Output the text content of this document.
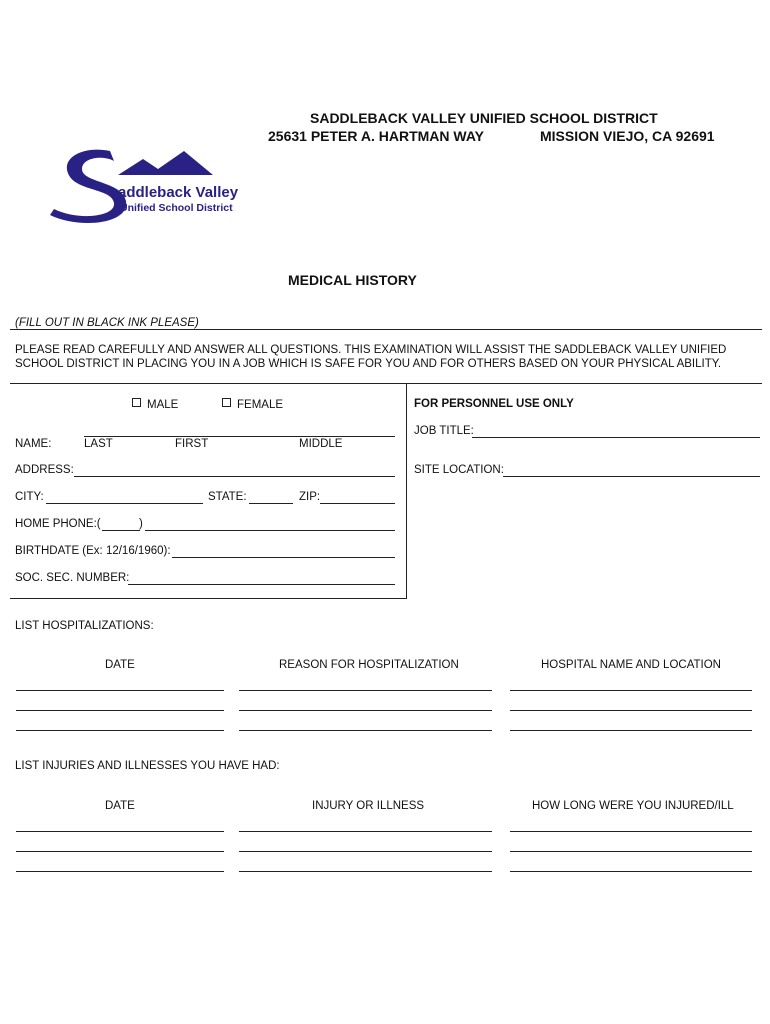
SADDLEBACK VALLEY UNIFIED SCHOOL DISTRICT
25631 PETER A. HARTMAN WAY	MISSION VIEJO, CA 92691
addleback Valley
Unified School District
MEDICAL HISTORY
(FILL OUT IN BLACK INK PLEASE)
PLEASE READ CAREFULLY AND ANSWER ALL QUESTIONS. THIS EXAMINATION WILL ASSIST THE SADDLEBACK VALLEY UNIFIED
SCHOOL DISTRICT IN PLACING YOU IN A JOB WHICH IS SAFE FOR YOU AND FOR OTHERS BASED ON YOUR PHYSICAL ABILITY.
MALE	FEMALE	FOR PERSONNEL USE ONLY
JOB TITLE:
SITE LOCATION:
NAME:	LAST	FIRST	MIDDLE
ADDRESS:
CITY:	STATE:	ZIP:
HOME PHONE:(	)
BIRTHDATE (Ex: 12/16/1960):
SOC. SEC. NUMBER:
LIST HOSPITALIZATIONS:
DATE	REASON FOR HOSPITALIZATION	HOSPITAL NAME AND LOCATION
LIST INJURIES AND ILLNESSES YOU HAVE HAD:
DATE	INJURY OR ILLNESS	HOW LONG WERE YOU INJURED/ILL
